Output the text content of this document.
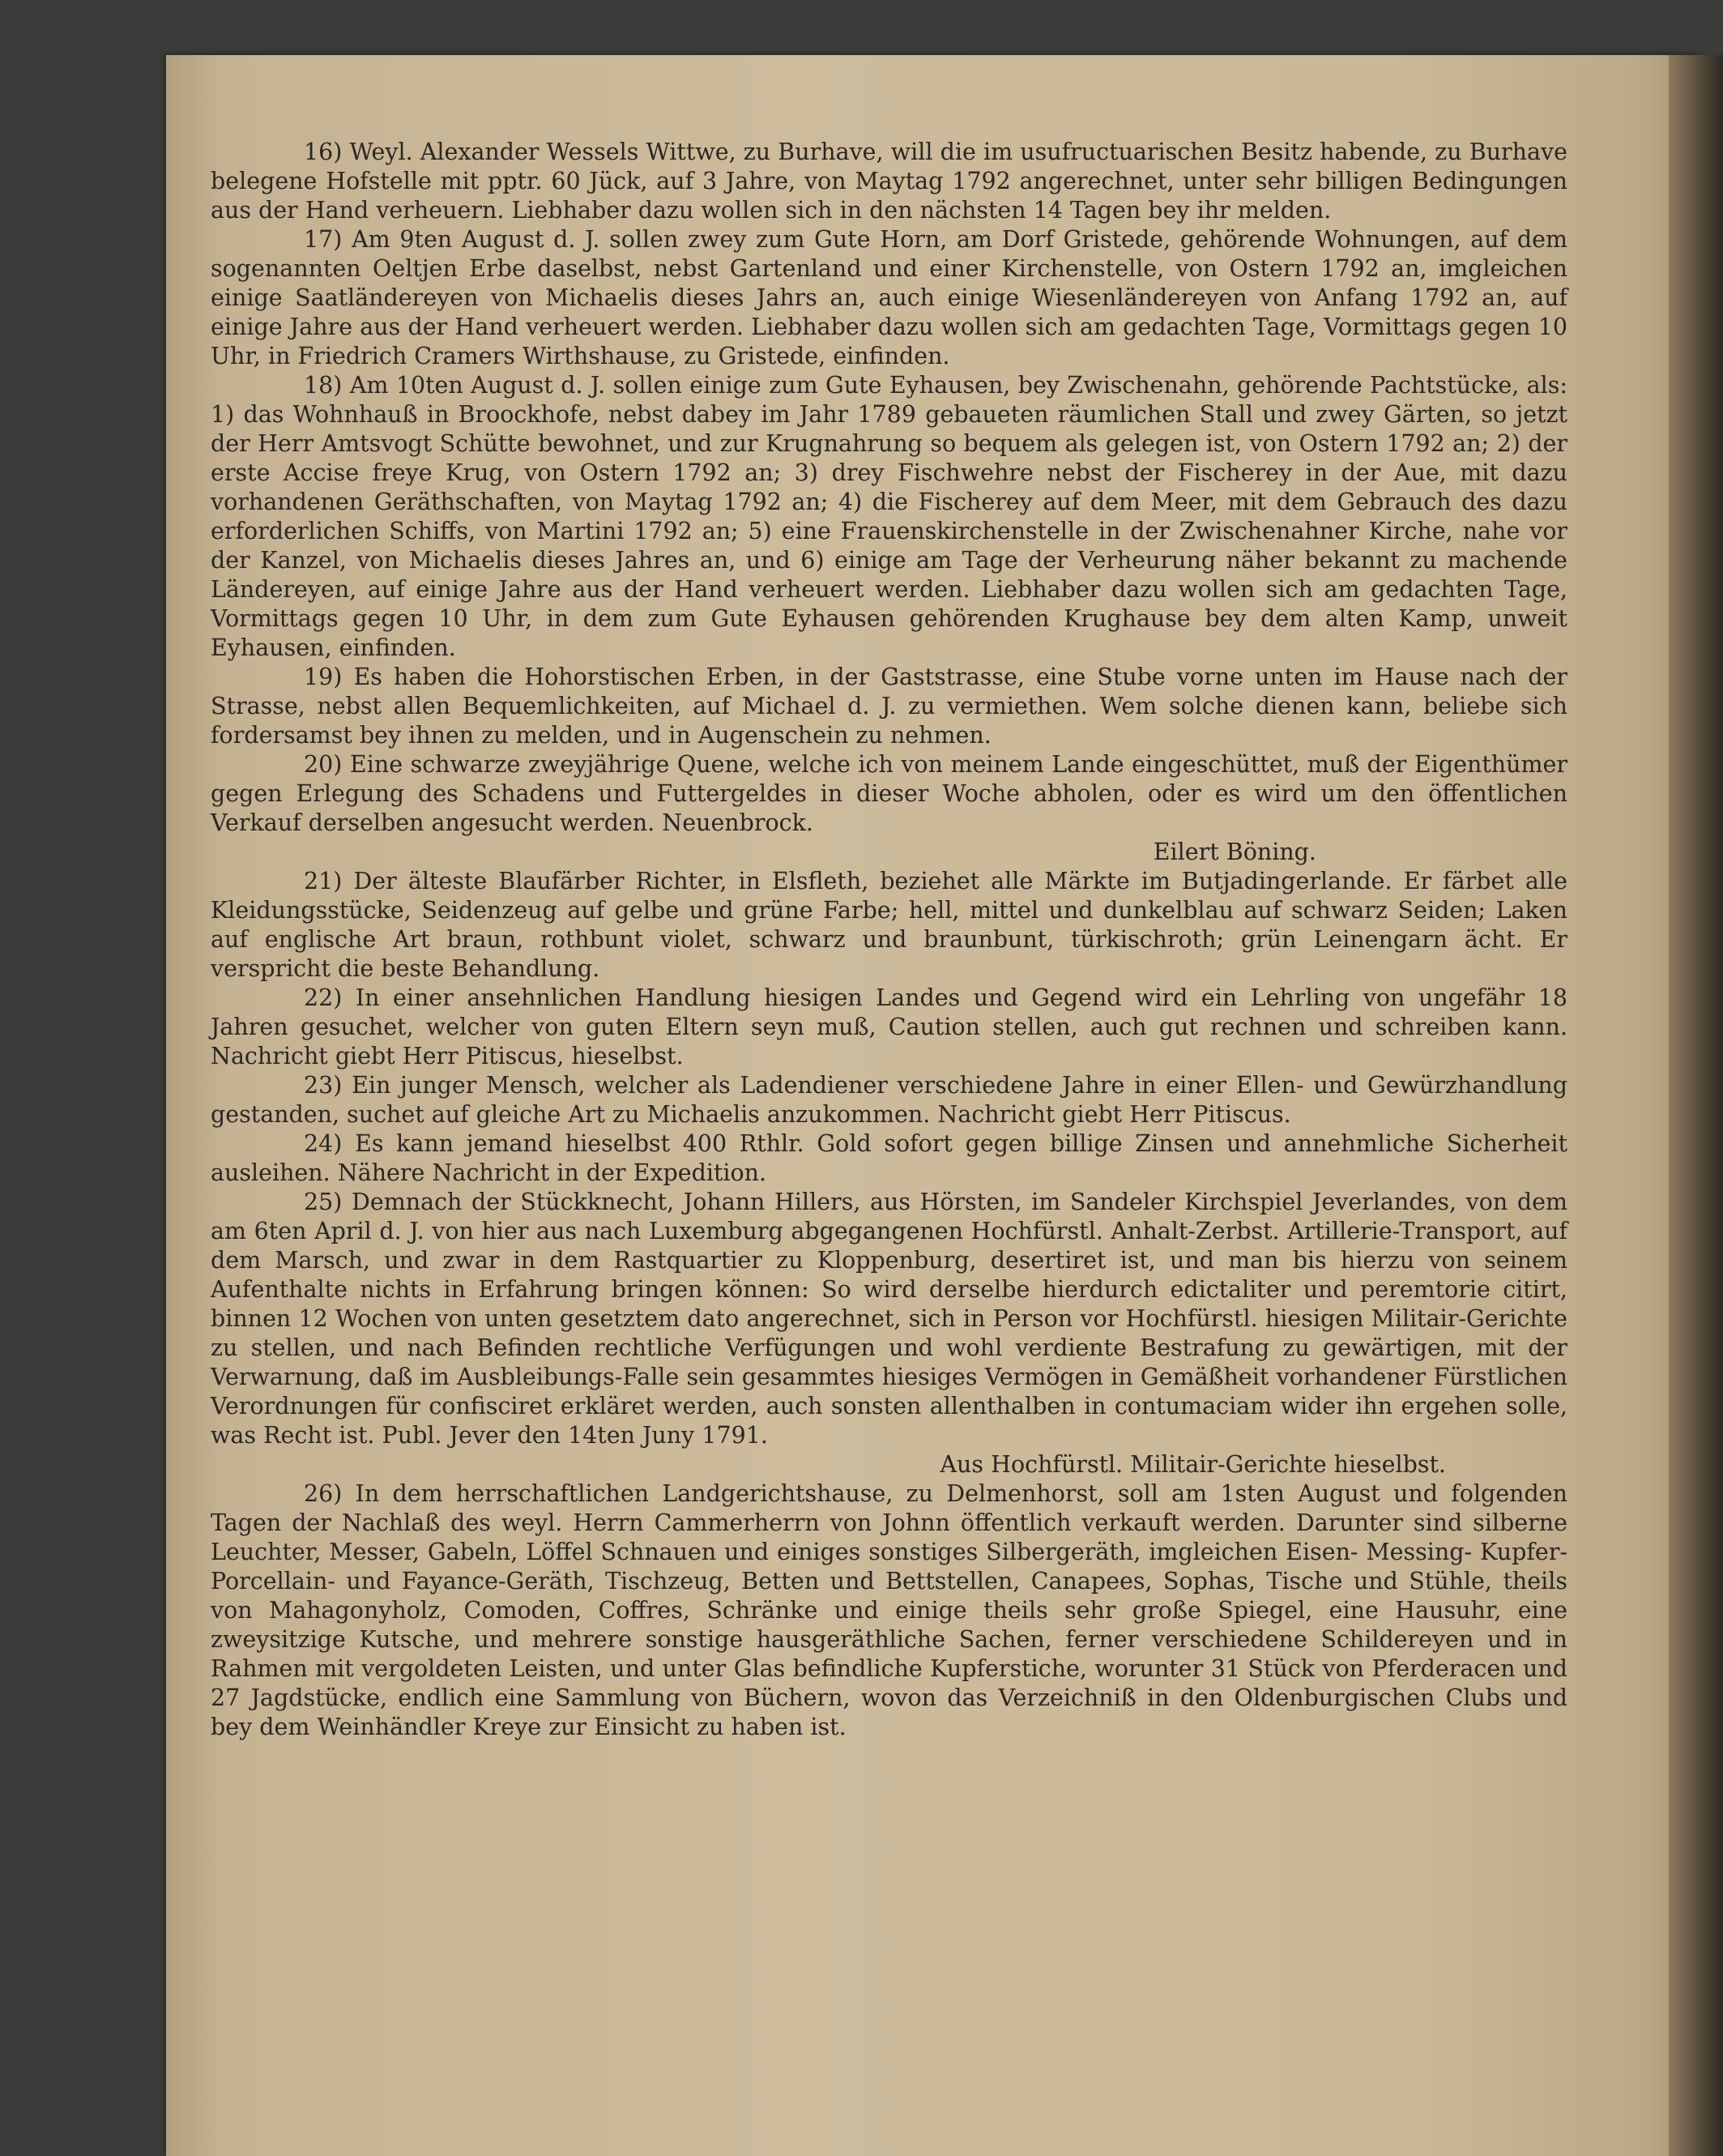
16) Weyl. Alexander Wessels Wittwe, zu Burhave, will die im usufructuarischen Besitz habende, zu Burhave belegene Hofstelle mit pptr. 60 Jück, auf 3 Jahre, von Maytag 1792 angerechnet, unter sehr billigen Bedingungen aus der Hand verheuern. Liebhaber dazu wollen sich in den nächsten 14 Tagen bey ihr melden.

17) Am 9ten August d. J. sollen zwey zum Gute Horn, am Dorf Gristede, gehörende Wohnungen, auf dem sogenannten Oeltjen Erbe daselbst, nebst Gartenland und einer Kirchenstelle, von Ostern 1792 an, imgleichen einige Saatländereyen von Michaelis dieses Jahrs an, auch einige Wiesenländereyen von Anfang 1792 an, auf einige Jahre aus der Hand verheuert werden. Liebhaber dazu wollen sich am gedachten Tage, Vormittags gegen 10 Uhr, in Friedrich Cramers Wirthshause, zu Gristede, einfinden.

18) Am 10ten August d. J. sollen einige zum Gute Eyhausen, bey Zwischenahn, gehörende Pachtstücke, als: 1) das Wohnhauß in Broockhofe, nebst dabey im Jahr 1789 gebaueten räumlichen Stall und zwey Gärten, so jetzt der Herr Amtsvogt Schütte bewohnet, und zur Krugnahrung so bequem als gelegen ist, von Ostern 1792 an; 2) der erste Accise freye Krug, von Ostern 1792 an; 3) drey Fischwehre nebst der Fischerey in der Aue, mit dazu vorhandenen Geräthschaften, von Maytag 1792 an; 4) die Fischerey auf dem Meer, mit dem Gebrauch des dazu erforderlichen Schiffs, von Martini 1792 an; 5) eine Frauenskirchenstelle in der Zwischenahner Kirche, nahe vor der Kanzel, von Michaelis dieses Jahres an, und 6) einige am Tage der Verheurung näher bekannt zu machende Ländereyen, auf einige Jahre aus der Hand verheuert werden. Liebhaber dazu wollen sich am gedachten Tage, Vormittags gegen 10 Uhr, in dem zum Gute Eyhausen gehörenden Krughause bey dem alten Kamp, unweit Eyhausen, einfinden.

19) Es haben die Hohorstischen Erben, in der Gaststrasse, eine Stube vorne unten im Hause nach der Strasse, nebst allen Bequemlichkeiten, auf Michael d. J. zu vermiethen. Wem solche dienen kann, beliebe sich fordersamst bey ihnen zu melden, und in Augenschein zu nehmen.

20) Eine schwarze zweyjährige Quene, welche ich von meinem Lande eingeschüttet, muß der Eigenthümer gegen Erlegung des Schadens und Futtergeldes in dieser Woche abholen, oder es wird um den öffentlichen Verkauf derselben angesucht werden. Neuenbrock.

Eilert Böning.

21) Der älteste Blaufärber Richter, in Elsfleth, beziehet alle Märkte im Butjadingerlande. Er färbet alle Kleidungsstücke, Seidenzeug auf gelbe und grüne Farbe; hell, mittel und dunkelblau auf schwarz Seiden; Laken auf englische Art braun, rothbunt violet, schwarz und braunbunt, türkischroth; grün Leinengarn ächt. Er verspricht die beste Behandlung.

22) In einer ansehnlichen Handlung hiesigen Landes und Gegend wird ein Lehrling von ungefähr 18 Jahren gesuchet, welcher von guten Eltern seyn muß, Caution stellen, auch gut rechnen und schreiben kann. Nachricht giebt Herr Pitiscus, hieselbst.

23) Ein junger Mensch, welcher als Ladendiener verschiedene Jahre in einer Ellen- und Gewürzhandlung gestanden, suchet auf gleiche Art zu Michaelis anzukommen. Nachricht giebt Herr Pitiscus.

24) Es kann jemand hieselbst 400 Rthlr. Gold sofort gegen billige Zinsen und annehmliche Sicherheit ausleihen. Nähere Nachricht in der Expedition.

25) Demnach der Stückknecht, Johann Hillers, aus Hörsten, im Sandeler Kirchspiel Jeverlandes, von dem am 6ten April d. J. von hier aus nach Luxemburg abgegangenen Hochfürstl. Anhalt-Zerbst. Artillerie-Transport, auf dem Marsch, und zwar in dem Rastquartier zu Kloppenburg, desertiret ist, und man bis hierzu von seinem Aufenthalte nichts in Erfahrung bringen können: So wird derselbe hierdurch edictaliter und peremtorie citirt, binnen 12 Wochen von unten gesetztem dato angerechnet, sich in Person vor Hochfürstl. hiesigen Militair-Gerichte zu stellen, und nach Befinden rechtliche Verfügungen und wohl verdiente Bestrafung zu gewärtigen, mit der Verwarnung, daß im Ausbleibungs-Falle sein gesammtes hiesiges Vermögen in Gemäßheit vorhandener Fürstlichen Verordnungen für confisciret erkläret werden, auch sonsten allenthalben in contumaciam wider ihn ergehen solle, was Recht ist. Publ. Jever den 14ten Juny 1791.

Aus Hochfürstl. Militair-Gerichte hieselbst.

26) In dem herrschaftlichen Landgerichtshause, zu Delmenhorst, soll am 1sten August und folgenden Tagen der Nachlaß des weyl. Herrn Cammerherrn von Johnn öffentlich verkauft werden. Darunter sind silberne Leuchter, Messer, Gabeln, Löffel Schnauen und einiges sonstiges Silbergeräth, imgleichen Eisen- Messing- Kupfer- Porcellain- und Fayance-Geräth, Tischzeug, Betten und Bettstellen, Canapees, Sophas, Tische und Stühle, theils von Mahagonyholz, Comoden, Coffres, Schränke und einige theils sehr große Spiegel, eine Hausuhr, eine zweysitzige Kutsche, und mehrere sonstige hausgeräthliche Sachen, ferner verschiedene Schildereyen und in Rahmen mit vergoldeten Leisten, und unter Glas befindliche Kupferstiche, worunter 31 Stück von Pferderacen und 27 Jagdstücke, endlich eine Sammlung von Büchern, wovon das Verzeichniß in den Oldenburgischen Clubs und bey dem Weinhändler Kreye zur Einsicht zu haben ist.
